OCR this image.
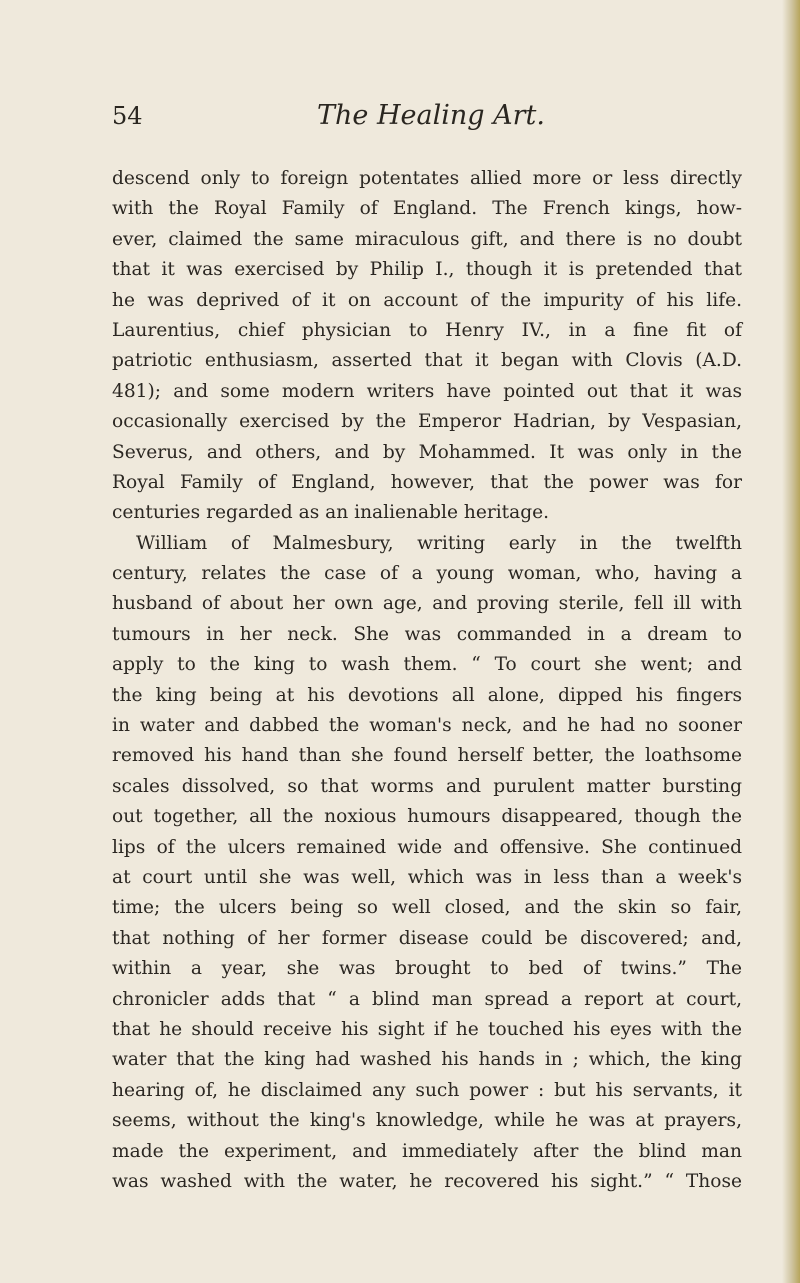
54	The Healing Art.
descend only to foreign potentates allied more or less directly
with the Royal Family of England. The French kings, how-
ever, claimed the same miraculous gift, and there is no doubt
that it was exercised by Philip I., though it is pretended that
he was deprived of it on account of the impurity of his life.
Laurentius, chief physician to Henry IV., in a fine fit of
patriotic enthusiasm, asserted that it began with Clovis (A.D.
481); and some modern writers have pointed out that it was
occasionally exercised by the Emperor Hadrian, by Vespasian,
Severus, and others, and by Mohammed. It was only in the
Royal Family of England, however, that the power was for
centuries regarded as an inalienable heritage.
William of Malmesbury, writing early in the twelfth
century, relates the case of a young woman, who, having a
husband of about her own age, and proving sterile, fell ill with
tumours in her neck. She was commanded in a dream to
apply to the king to wash them. “ To court she went; and
the king being at his devotions all alone, dipped his fingers
in water and dabbed the woman's neck, and he had no sooner
removed his hand than she found herself better, the loathsome
scales dissolved, so that worms and purulent matter bursting
out together, all the noxious humours disappeared, though the
lips of the ulcers remained wide and offensive. She continued
at court until she was well, which was in less than a week's
time; the ulcers being so well closed, and the skin so fair,
that nothing of her former disease could be discovered; and,
within a year, she was brought to bed of twins.” The
chronicler adds that “ a blind man spread a report at court,
that he should receive his sight if he touched his eyes with the
water that the king had washed his hands in ; which, the king
hearing of, he disclaimed any such power : but his servants, it
seems, without the king's knowledge, while he was at prayers,
made the experiment, and immediately after the blind man
was washed with the water, he recovered his sight.” “ Those
